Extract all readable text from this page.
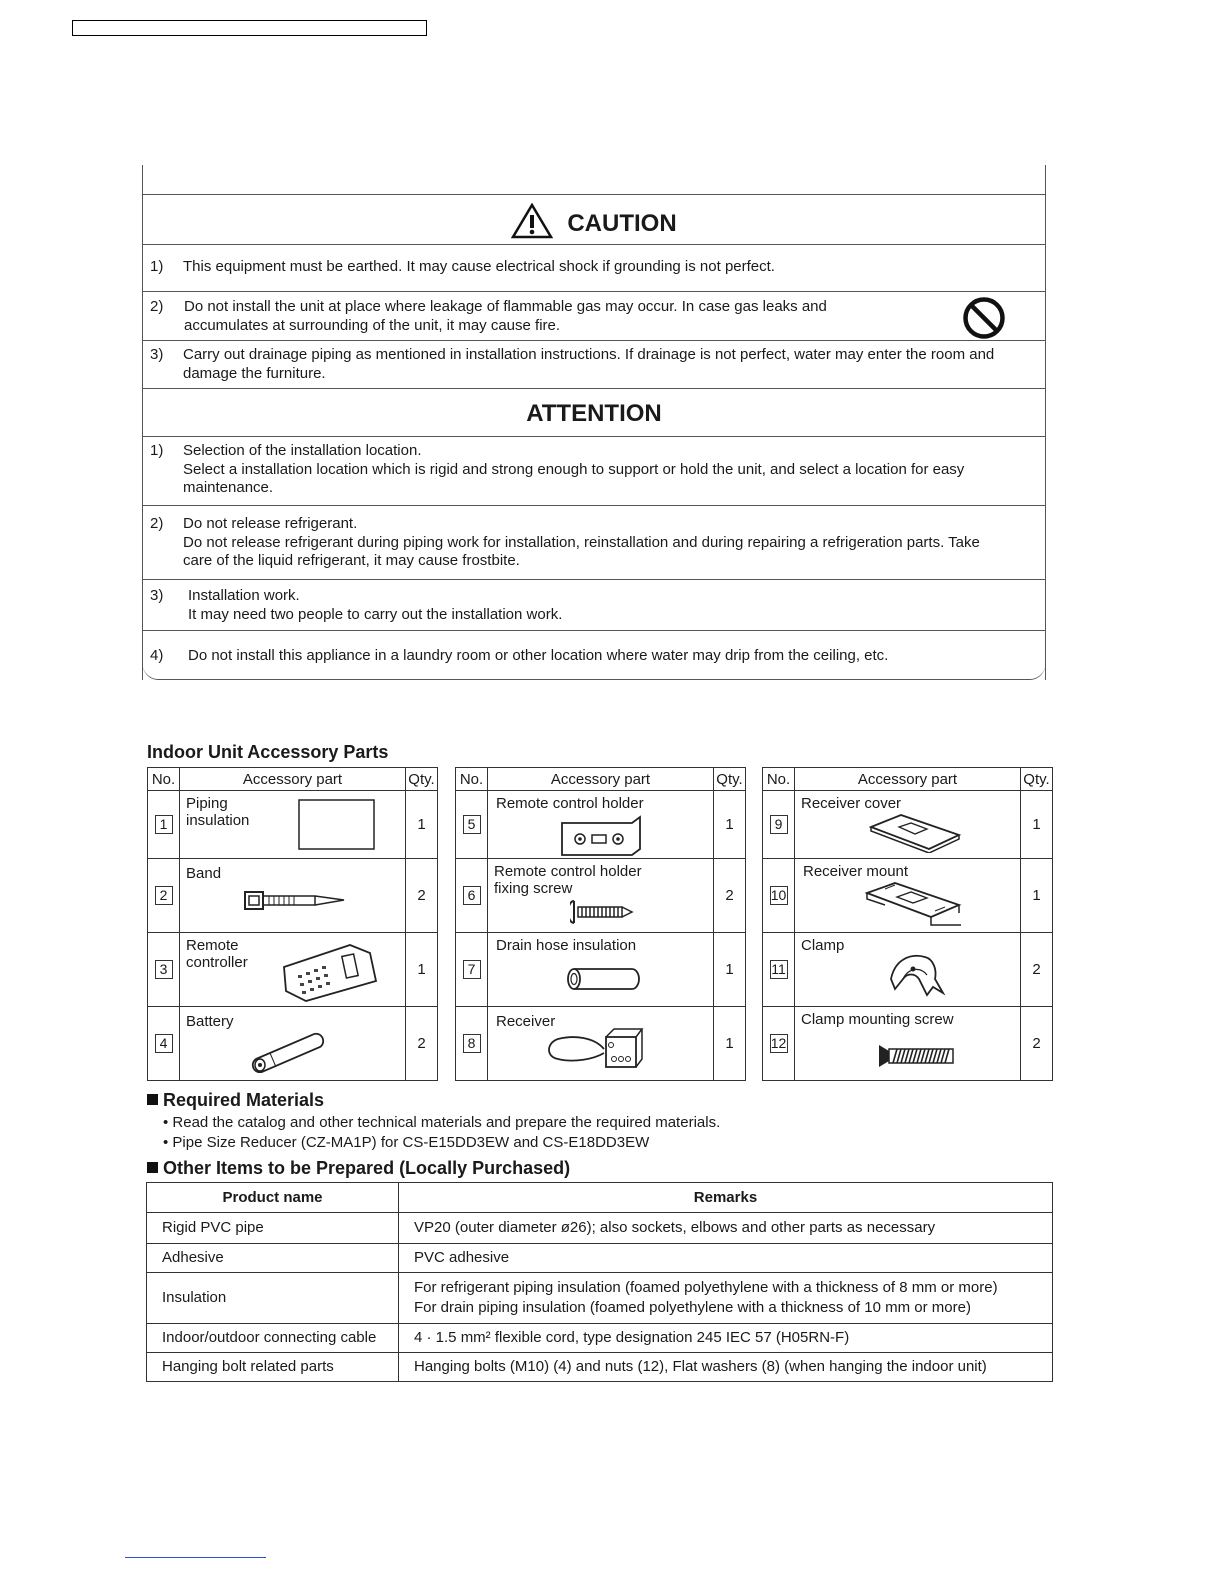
CAUTION
1) This equipment must be earthed. It may cause electrical shock if grounding is not perfect.
2) Do not install the unit at place where leakage of flammable gas may occur. In case gas leaks and
accumulates at surrounding of the unit, it may cause fire.
3) Carry out drainage piping as mentioned in installation instructions. If drainage is not perfect, water may enter the room and
damage the furniture.
ATTENTION
1) Selection of the installation location.
Select a installation location which is rigid and strong enough to support or hold the unit, and select a location for easy
maintenance.
2) Do not release refrigerant.
Do not release refrigerant during piping work for installation, reinstallation and during repairing a refrigeration parts. Take
care of the liquid refrigerant, it may cause frostbite.
3) Installation work.
It may need two people to carry out the installation work.
4) Do not install this appliance in a laundry room or other location where water may drip from the ceiling, etc.
Indoor Unit Accessory Parts
No.	Accessory part	Qty.
1	Piping
insulation	1
2	Band	2
3	Remote
controller	1
4	Battery	2
No.	Accessory part	Qty.
5	Remote control holder	1
6	Remote control holder
fixing screw	2
7	Drain hose insulation	1
8	Receiver	1
No.	Accessory part	Qty.
9	Receiver cover	1
10	Receiver mount	1
11	Clamp	2
12	Clamp mounting screw	2
Required Materials
• Read the catalog and other technical materials and prepare the required materials.
• Pipe Size Reducer (CZ-MA1P) for CS-E15DD3EW and CS-E18DD3EW
Other Items to be Prepared (Locally Purchased)
Product name	Remarks
Rigid PVC pipe	VP20 (outer diameter ø26); also sockets, elbows and other parts as necessary
Adhesive	PVC adhesive
Insulation	For refrigerant piping insulation (foamed polyethylene with a thickness of 8 mm or more)
For drain piping insulation (foamed polyethylene with a thickness of 10 mm or more)

Indoor/outdoor connecting cable	4 · 1.5 mm² flexible cord, type designation 245 IEC 57 (H05RN-F)
Hanging bolt related parts	Hanging bolts (M10) (4) and nuts (12), Flat washers (8) (when hanging the indoor unit)
